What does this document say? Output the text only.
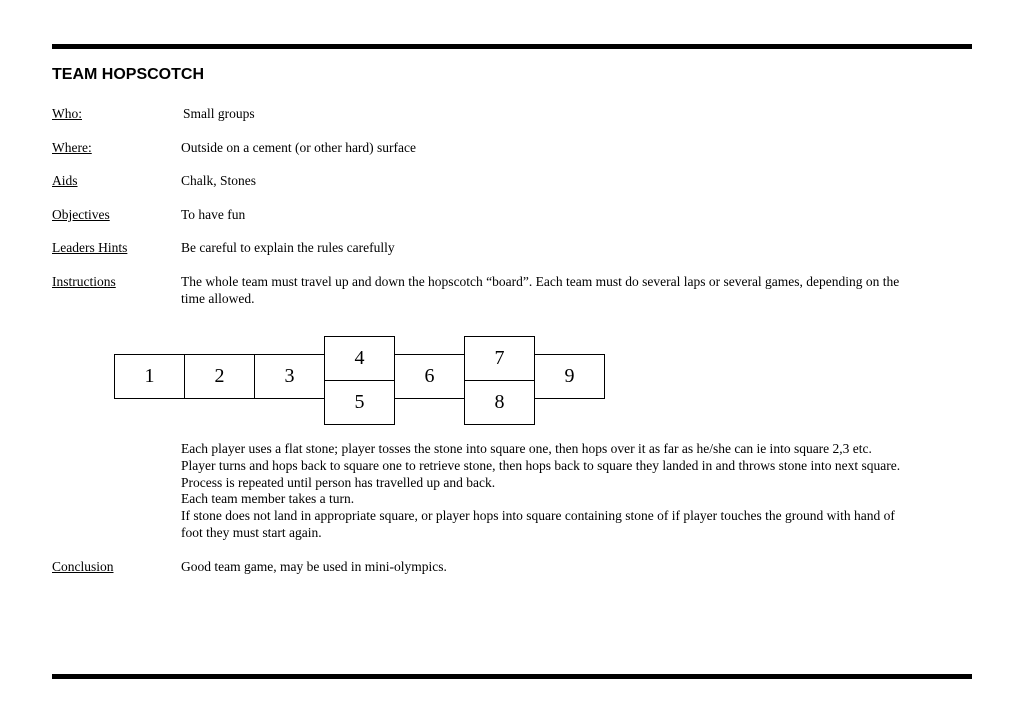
TEAM HOPSCOTCH
Who:	Small groups
Where:	Outside on a cement (or other hard) surface
Aids	Chalk, Stones
Objectives	To have fun
Leaders Hints	Be careful to explain the rules carefully
Instructions	The whole team must travel up and down the hopscotch “board”. Each team must do several laps or several games, depending on the
time allowed.
1	2	3
4
5
6
7
8
9
Each player uses a flat stone; player tosses the stone into square one, then hops over it as far as he/she can ie into square 2,3 etc.
Player turns and hops back to square one to retrieve stone, then hops back to square they landed in and throws stone into next square.
Process is repeated until person has travelled up and back.
Each team member takes a turn.
If stone does not land in appropriate square, or player hops into square containing stone of if player touches the ground with hand of
foot they must start again.
Conclusion	Good team game, may be used in mini-olympics.
